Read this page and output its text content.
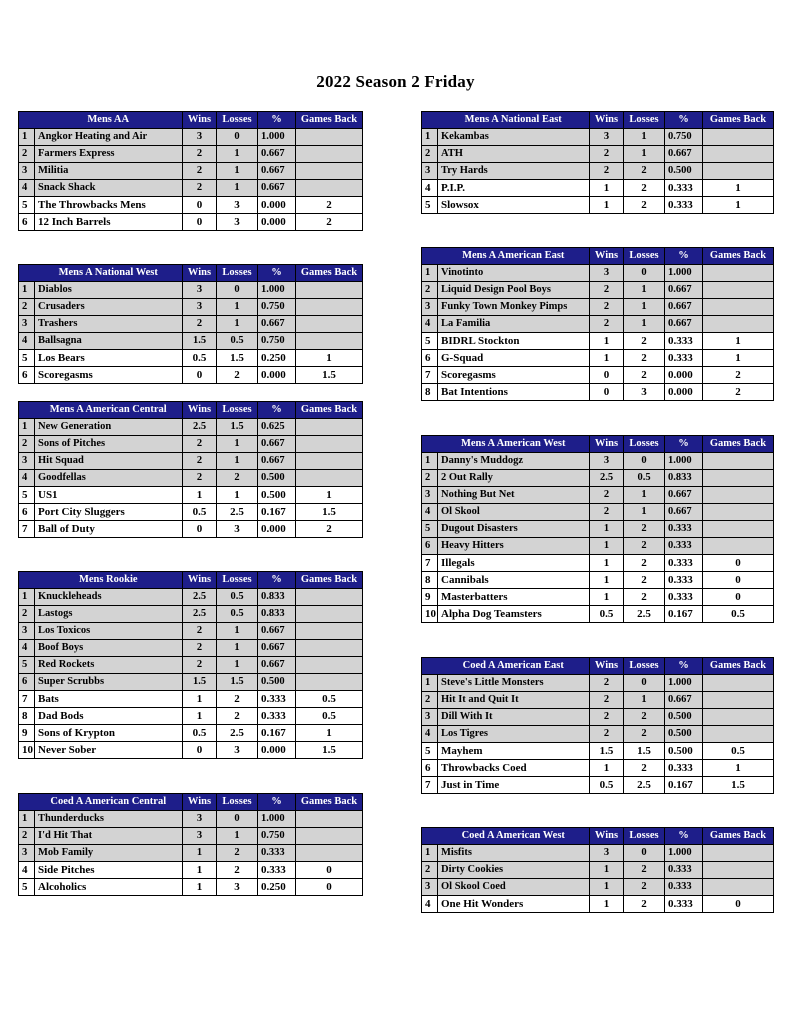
2022 Season 2 Friday
	Mens AA	Wins	Losses	%	Games Back
1	Angkor Heating and Air	3	0	1.000	
2	Farmers Express	2	1	0.667	
3	Militia	2	1	0.667	
4	Snack Shack	2	1	0.667	
5	The Throwbacks Mens	0	3	0.000	2
6	12 Inch Barrels	0	3	0.000	2
	Mens A National West	Wins	Losses	%	Games Back
1	Diablos	3	0	1.000	
2	Crusaders	3	1	0.750	
3	Trashers	2	1	0.667	
4	Ballsagna	1.5	0.5	0.750	
5	Los Bears	0.5	1.5	0.250	1
6	Scoregasms	0	2	0.000	1.5
	Mens A American Central	Wins	Losses	%	Games Back
1	New Generation	2.5	1.5	0.625	
2	Sons of Pitches	2	1	0.667	
3	Hit Squad	2	1	0.667	
4	Goodfellas	2	2	0.500	
5	US1	1	1	0.500	1
6	Port City Sluggers	0.5	2.5	0.167	1.5
7	Ball of Duty	0	3	0.000	2
	Mens Rookie	Wins	Losses	%	Games Back
1	Knuckleheads	2.5	0.5	0.833	
2	Lastogs	2.5	0.5	0.833	
3	Los Toxicos	2	1	0.667	
4	Boof Boys	2	1	0.667	
5	Red Rockets	2	1	0.667	
6	Super Scrubbs	1.5	1.5	0.500	
7	Bats	1	2	0.333	0.5
8	Dad Bods	1	2	0.333	0.5
9	Sons of Krypton	0.5	2.5	0.167	1
10	Never Sober	0	3	0.000	1.5
	Coed A American Central	Wins	Losses	%	Games Back
1	Thunderducks	3	0	1.000	
2	I'd Hit That	3	1	0.750	
3	Mob Family	1	2	0.333	
4	Side Pitches	1	2	0.333	0
5	Alcoholics	1	3	0.250	0
	Mens A National East	Wins	Losses	%	Games Back
1	Kekambas	3	1	0.750	
2	ATH	2	1	0.667	
3	Try Hards	2	2	0.500	
4	P.I.P.	1	2	0.333	1
5	Slowsox	1	2	0.333	1
	Mens A American East	Wins	Losses	%	Games Back
1	Vinotinto	3	0	1.000	
2	Liquid Design Pool Boys	2	1	0.667	
3	Funky Town Monkey Pimps	2	1	0.667	
4	La Familia	2	1	0.667	
5	BIDRL Stockton	1	2	0.333	1
6	G-Squad	1	2	0.333	1
7	Scoregasms	0	2	0.000	2
8	Bat Intentions	0	3	0.000	2
	Mens A American West	Wins	Losses	%	Games Back
1	Danny's Muddogz	3	0	1.000	
2	2 Out Rally	2.5	0.5	0.833	
3	Nothing But Net	2	1	0.667	
4	Ol Skool	2	1	0.667	
5	Dugout Disasters	1	2	0.333	
6	Heavy Hitters	1	2	0.333	
7	Illegals	1	2	0.333	0
8	Cannibals	1	2	0.333	0
9	Masterbatters	1	2	0.333	0
10	Alpha Dog Teamsters	0.5	2.5	0.167	0.5
	Coed A American East	Wins	Losses	%	Games Back
1	Steve's Little Monsters	2	0	1.000	
2	Hit It and Quit It	2	1	0.667	
3	Dill With It	2	2	0.500	
4	Los Tigres	2	2	0.500	
5	Mayhem	1.5	1.5	0.500	0.5
6	Throwbacks Coed	1	2	0.333	1
7	Just in Time	0.5	2.5	0.167	1.5
	Coed A American West	Wins	Losses	%	Games Back
1	Misfits	3	0	1.000	
2	Dirty Cookies	1	2	0.333	
3	Ol Skool Coed	1	2	0.333	
4	One Hit Wonders	1	2	0.333	0
